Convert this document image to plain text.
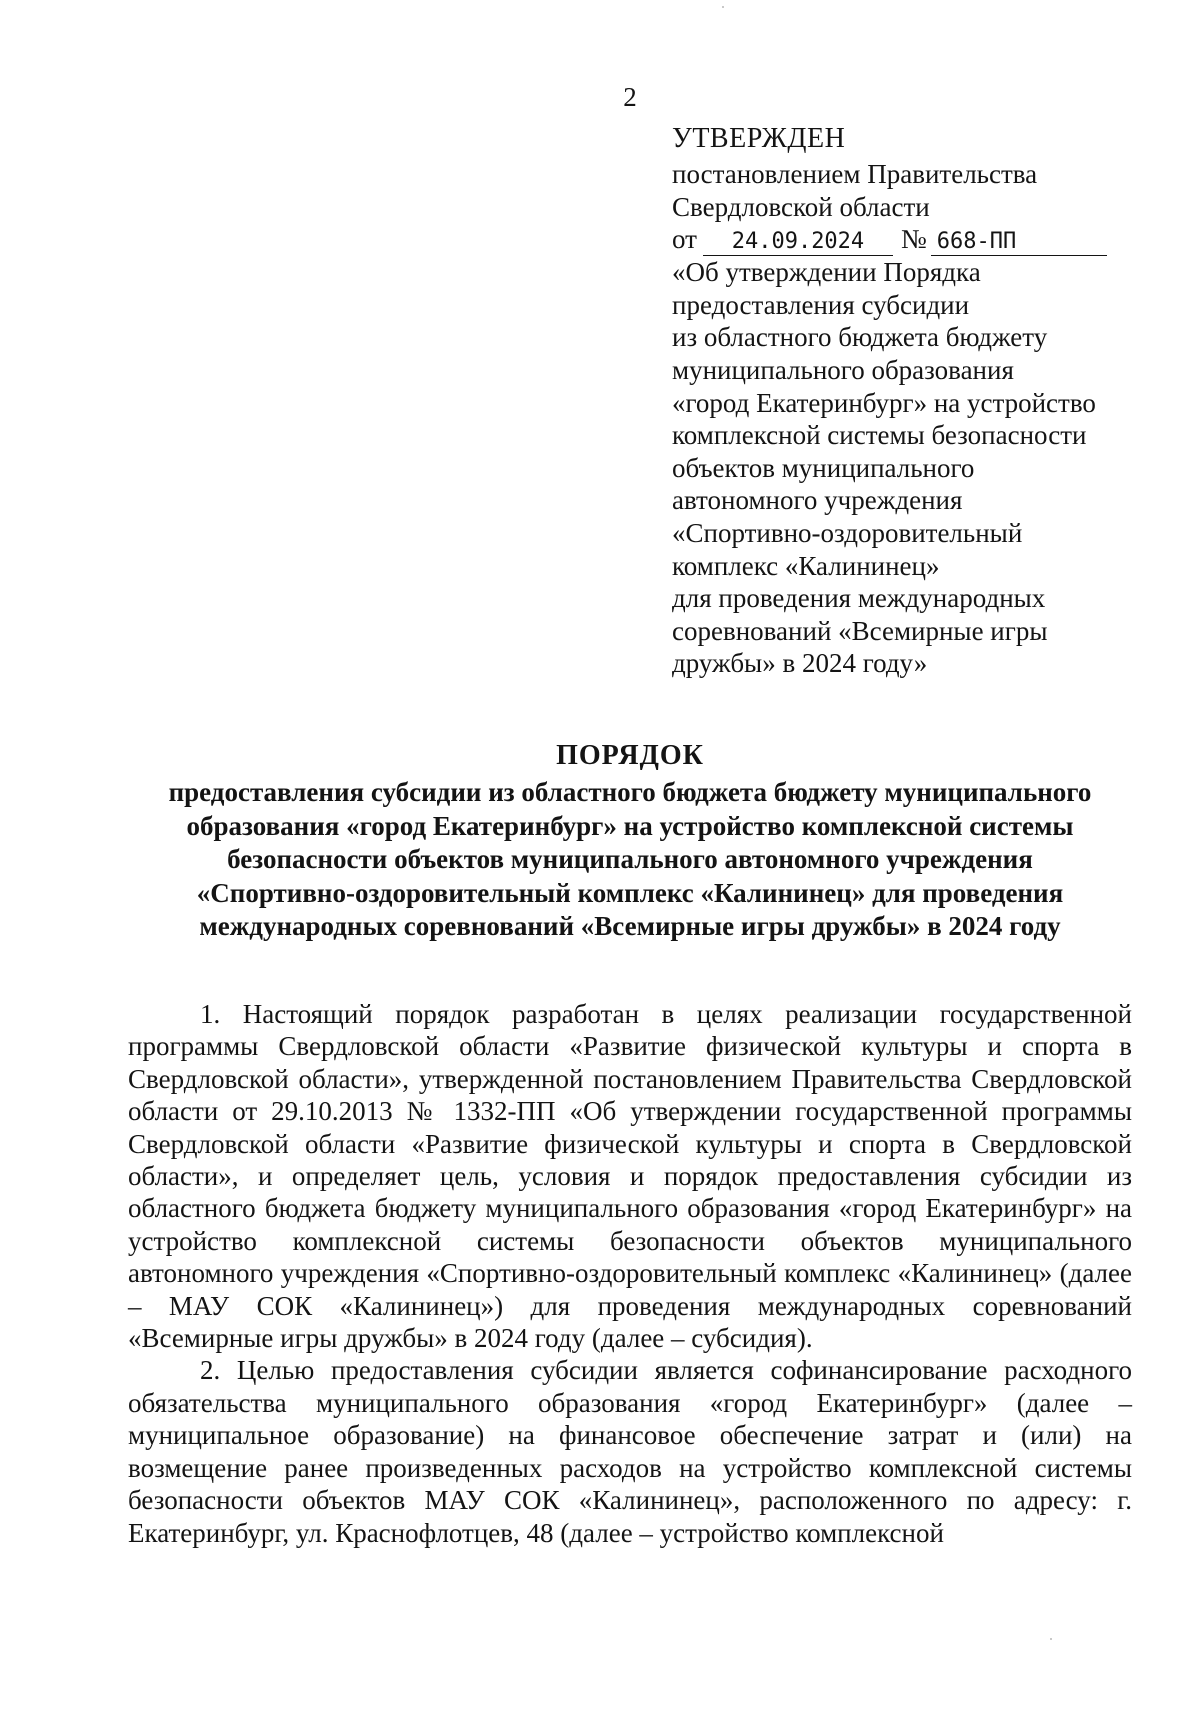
2
УТВЕРЖДЕН
постановлением Правительства
Свердловской области
от 24.09.2024 № 668-ПП
«Об утверждении Порядка
предоставления субсидии
из областного бюджета бюджету
муниципального образования
«город Екатеринбург» на устройство
комплексной системы безопасности
объектов муниципального
автономного учреждения
«Спортивно-оздоровительный
комплекс «Калининец»
для проведения международных
соревнований «Всемирные игры
дружбы» в 2024 году»
ПОРЯДОК
предоставления субсидии из областного бюджета бюджету муниципального
образования «город Екатеринбург» на устройство комплексной системы
безопасности объектов муниципального автономного учреждения
«Спортивно-оздоровительный комплекс «Калининец» для проведения
международных соревнований «Всемирные игры дружбы» в 2024 году

1. Настоящий порядок разработан в целях реализации государственной программы Свердловской области «Развитие физической культуры и спорта в Свердловской области», утвержденной постановлением Правительства Свердловской области от 29.10.2013 № 1332-ПП «Об утверждении государственной программы Свердловской области «Развитие физической культуры и спорта в Свердловской области», и определяет цель, условия и порядок предоставления субсидии из областного бюджета бюджету муниципального образования «город Екатеринбург» на устройство комплексной системы безопасности объектов муниципального автономного учреждения «Спортивно-оздоровительный комплекс «Калининец» (далее – МАУ СОК «Калининец») для проведения международных соревнований «Всемирные игры дружбы» в 2024 году (далее – субсидия).

2. Целью предоставления субсидии является софинансирование расходного обязательства муниципального образования «город Екатеринбург» (далее – муниципальное образование) на финансовое обеспечение затрат и (или) на возмещение ранее произведенных расходов на устройство комплексной системы безопасности объектов МАУ СОК «Калининец», расположенного по адресу: г. Екатеринбург, ул. Краснофлотцев, 48 (далее – устройство комплексной
